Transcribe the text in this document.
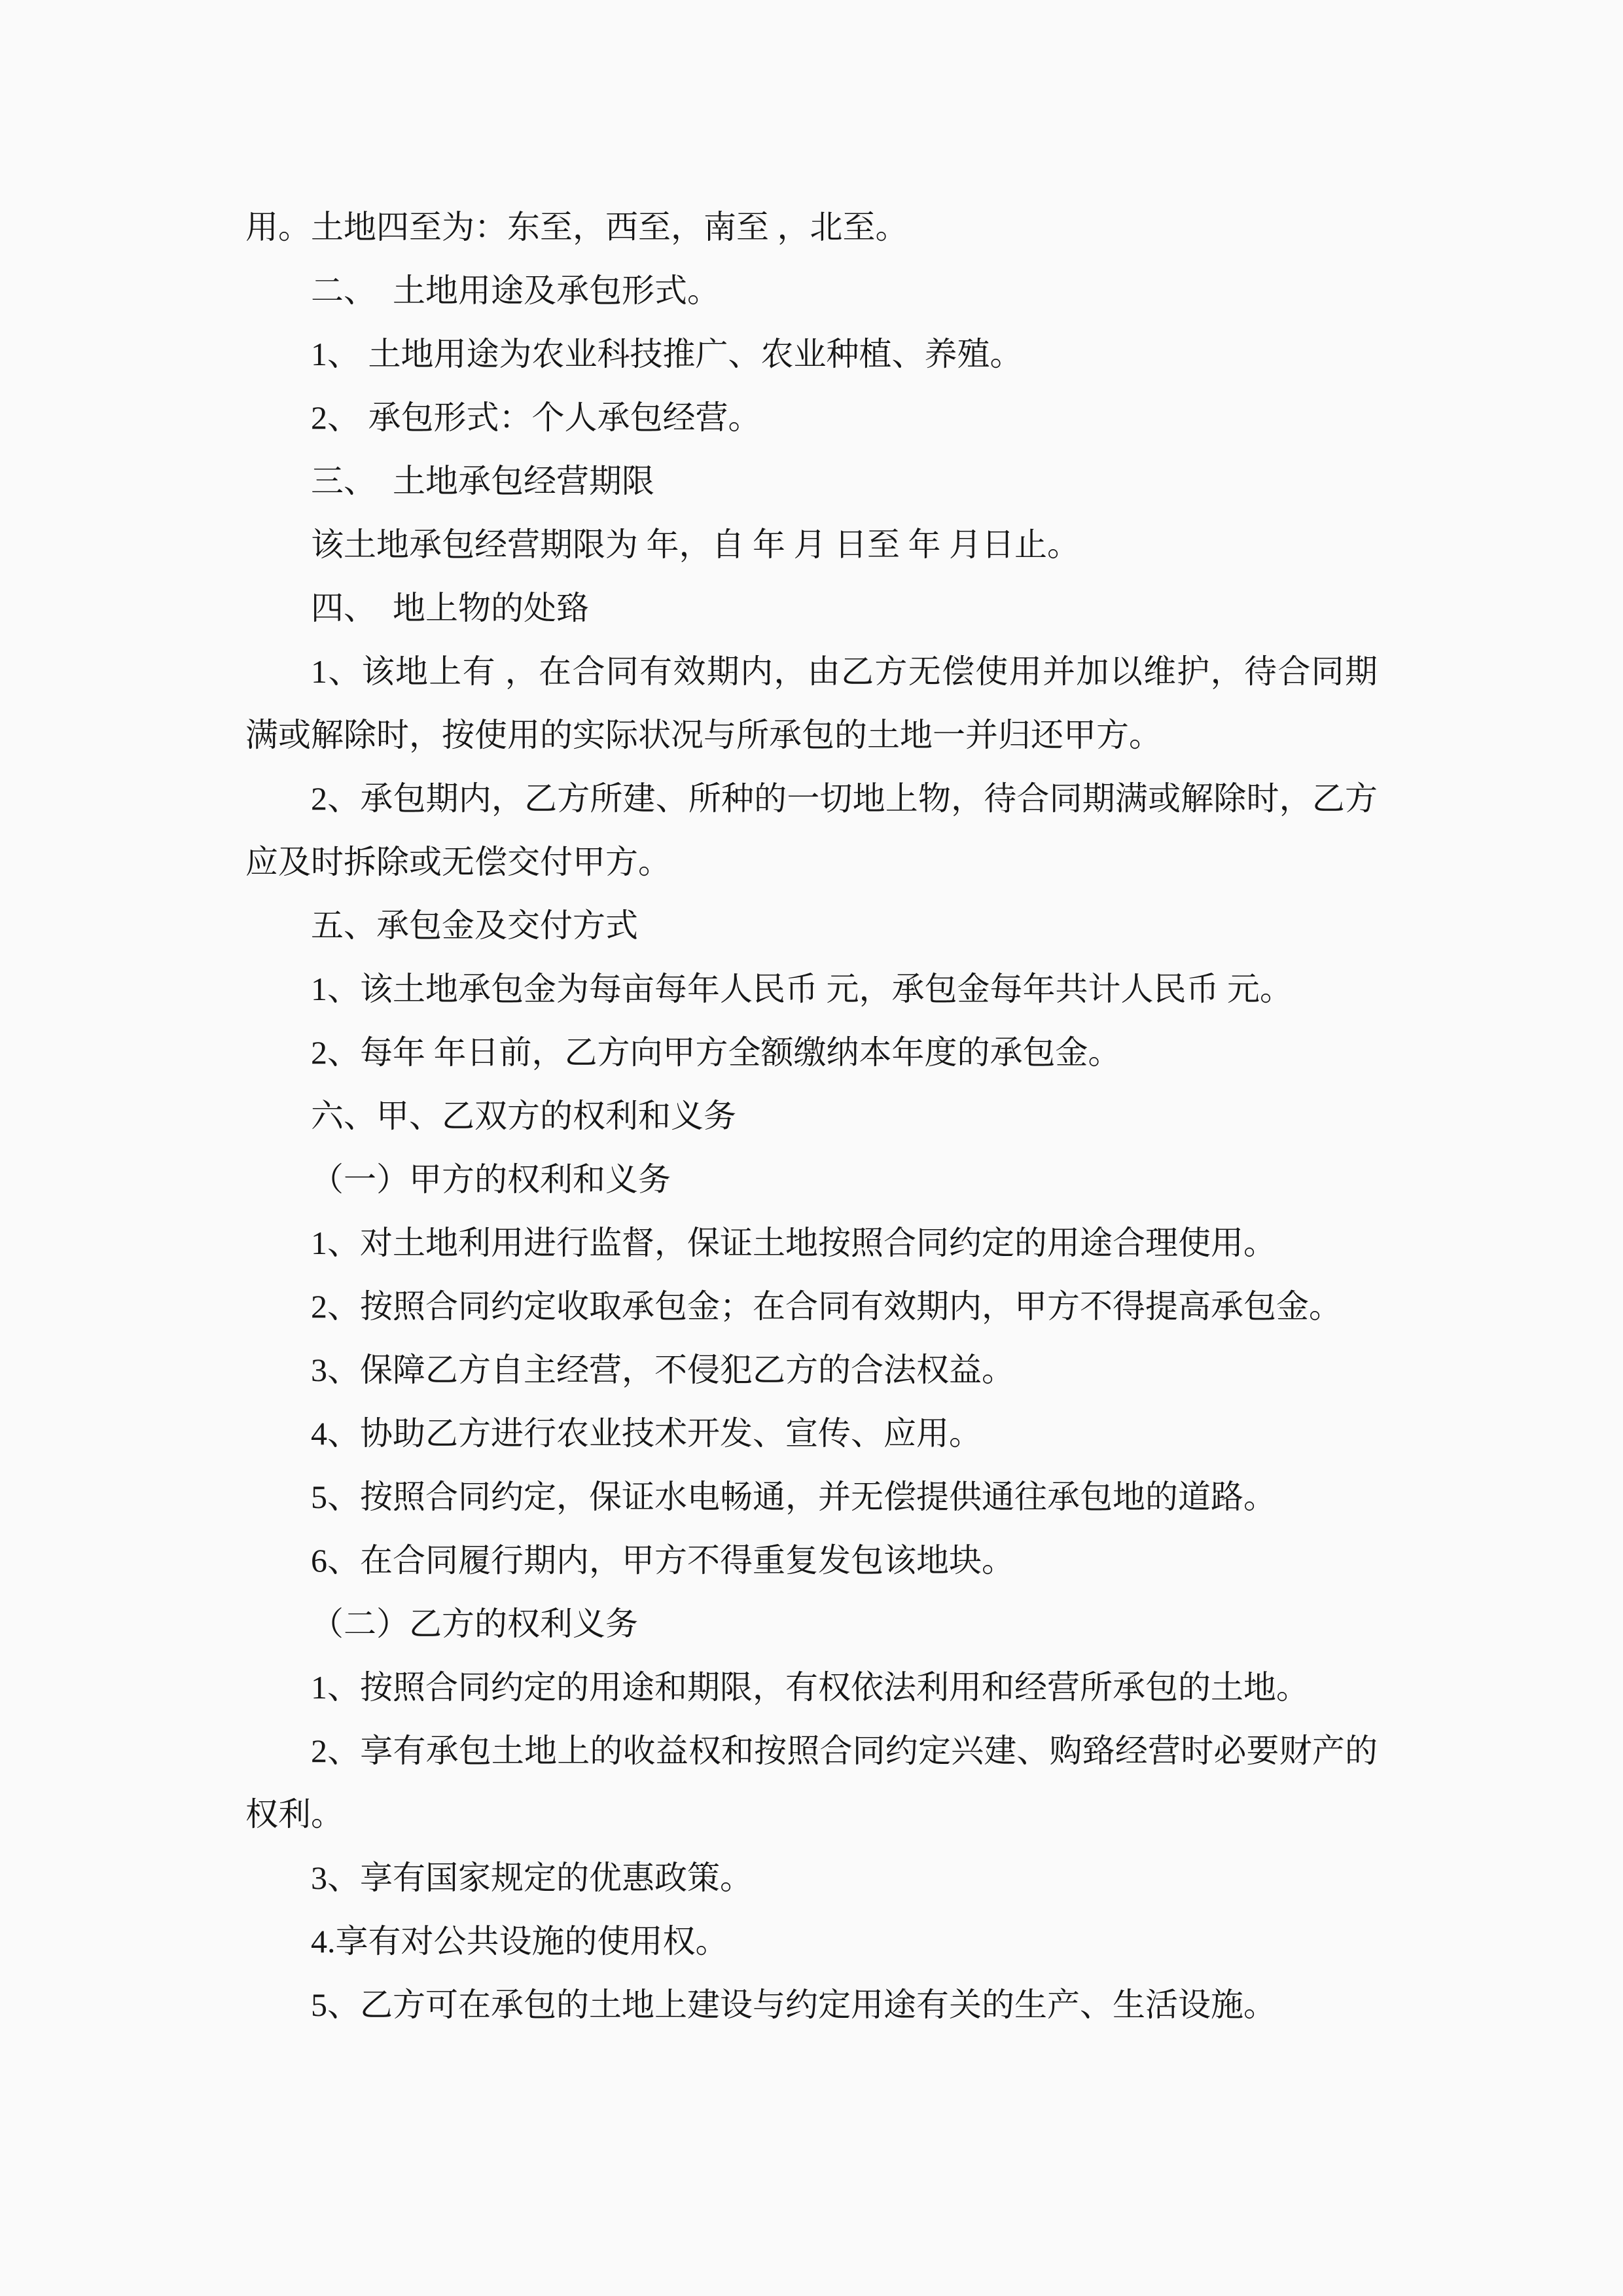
用。土地四至为：东至，西至，南至 ，北至。

二、　土地用途及承包形式。

1、 土地用途为农业科技推广、农业种植、养殖。

2、 承包形式：个人承包经营。

三、　土地承包经营期限

该土地承包经营期限为 年，自 年 月 日至 年 月日止。

四、　地上物的处臵

1、该地上有 ，在合同有效期内，由乙方无偿使用并加以维护，待合同期满或解除时，按使用的实际状况与所承包的土地一并归还甲方。

2、承包期内，乙方所建、所种的一切地上物，待合同期满或解除时，乙方应及时拆除或无偿交付甲方。

五、承包金及交付方式

1、该土地承包金为每亩每年人民币 元，承包金每年共计人民币 元。

2、每年 年日前，乙方向甲方全额缴纳本年度的承包金。

六、甲、乙双方的权利和义务

（一）甲方的权利和义务

1、对土地利用进行监督，保证土地按照合同约定的用途合理使用。

2、按照合同约定收取承包金；在合同有效期内，甲方不得提高承包金。

3、保障乙方自主经营，不侵犯乙方的合法权益。

4、协助乙方进行农业技术开发、宣传、应用。

5、按照合同约定，保证水电畅通，并无偿提供通往承包地的道路。

6、在合同履行期内，甲方不得重复发包该地块。

（二）乙方的权利义务

1、按照合同约定的用途和期限，有权依法利用和经营所承包的土地。

2、享有承包土地上的收益权和按照合同约定兴建、购臵经营时必要财产的权利。

3、享有国家规定的优惠政策。

4.享有对公共设施的使用权。

5、乙方可在承包的土地上建设与约定用途有关的生产、生活设施。
